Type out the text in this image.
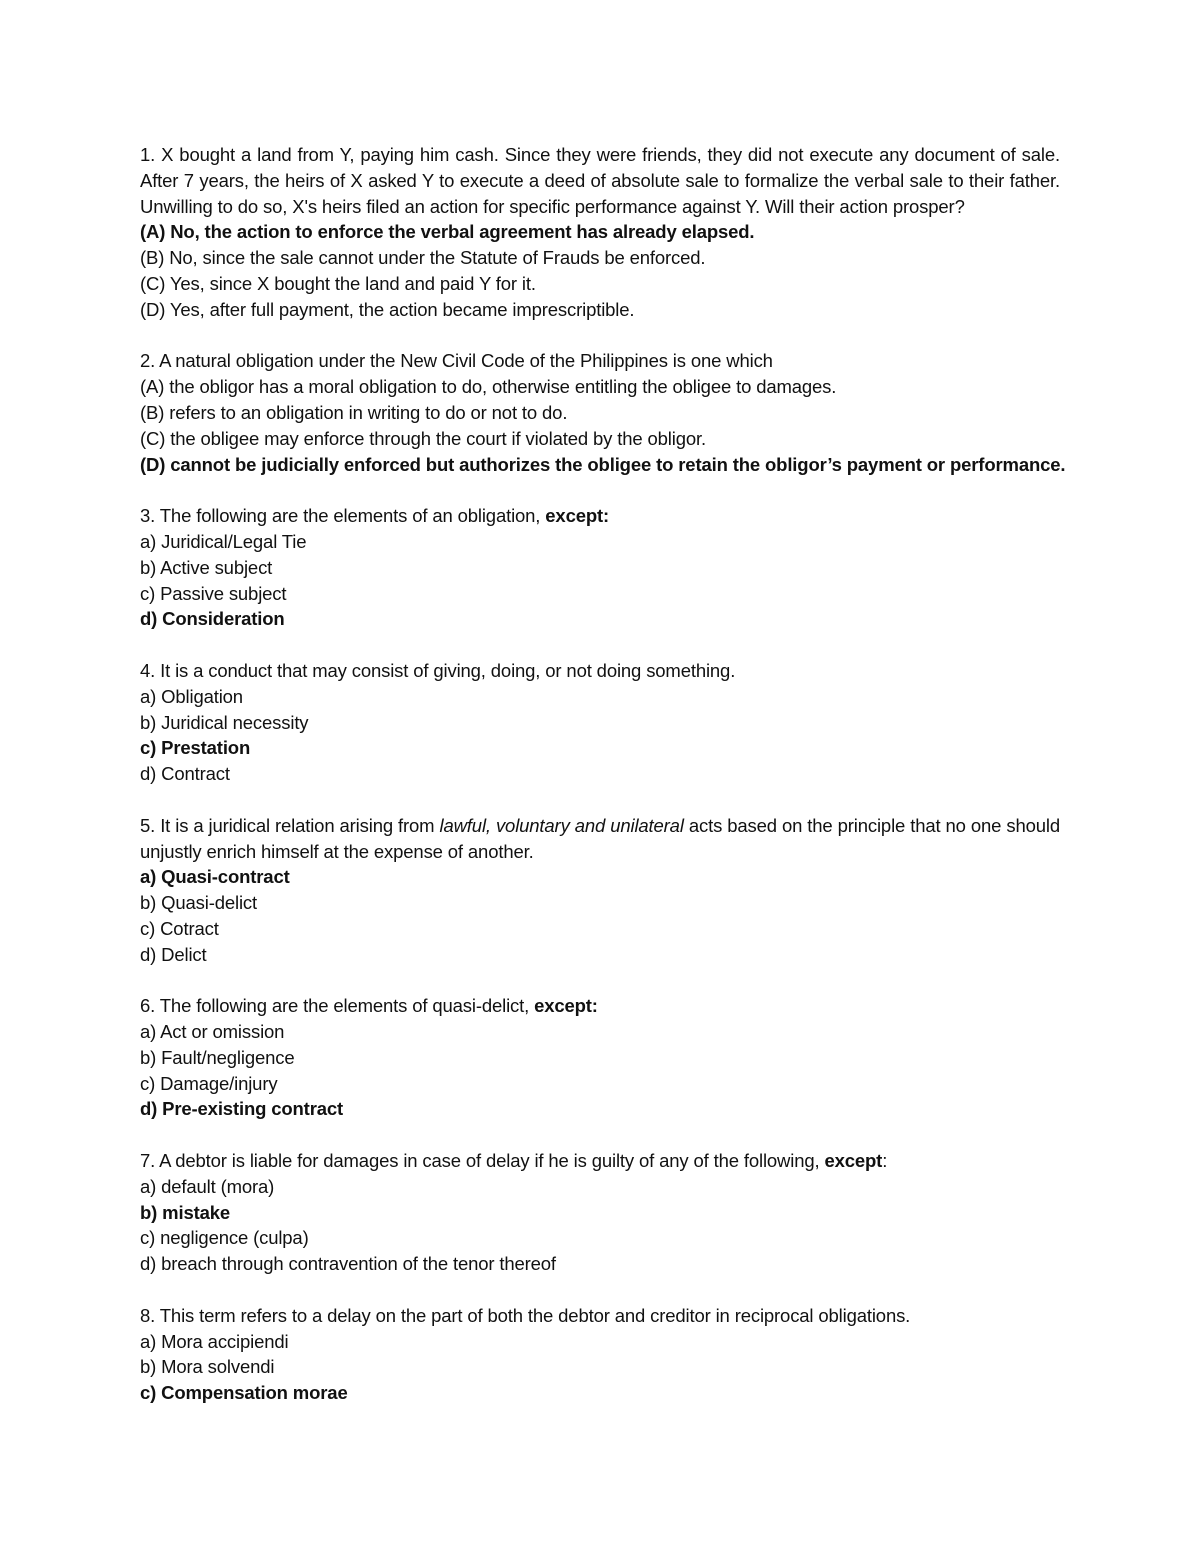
1. X bought a land from Y, paying him cash. Since they were friends, they did not execute any document of sale. After 7 years, the heirs of X asked Y to execute a deed of absolute sale to formalize the verbal sale to their father. Unwilling to do so, X's heirs filed an action for specific performance against Y. Will their action prosper?
(A) No, the action to enforce the verbal agreement has already elapsed.
(B) No, since the sale cannot under the Statute of Frauds be enforced.
(C) Yes, since X bought the land and paid Y for it.
(D) Yes, after full payment, the action became imprescriptible.
2. A natural obligation under the New Civil Code of the Philippines is one which
(A) the obligor has a moral obligation to do, otherwise entitling the obligee to damages.
(B) refers to an obligation in writing to do or not to do.
(C) the obligee may enforce through the court if violated by the obligor.
(D) cannot be judicially enforced but authorizes the obligee to retain the obligor’s payment or performance.
3. The following are the elements of an obligation, except:
a) Juridical/Legal Tie
b) Active subject
c) Passive subject
d) Consideration
4. It is a conduct that may consist of giving, doing, or not doing something.
a) Obligation
b) Juridical necessity
c) Prestation
d) Contract
5. It is a juridical relation arising from lawful, voluntary and unilateral acts based on the principle that no one should unjustly enrich himself at the expense of another.
a) Quasi-contract
b) Quasi-delict
c) Cotract
d) Delict
6. The following are the elements of quasi-delict, except:
a) Act or omission
b) Fault/negligence
c) Damage/injury
d) Pre-existing contract
7. A debtor is liable for damages in case of delay if he is guilty of any of the following, except:
a) default (mora)
b) mistake
c) negligence (culpa)
d) breach through contravention of the tenor thereof
8. This term refers to a delay on the part of both the debtor and creditor in reciprocal obligations.
a) Mora accipiendi
b) Mora solvendi
c) Compensation morae
